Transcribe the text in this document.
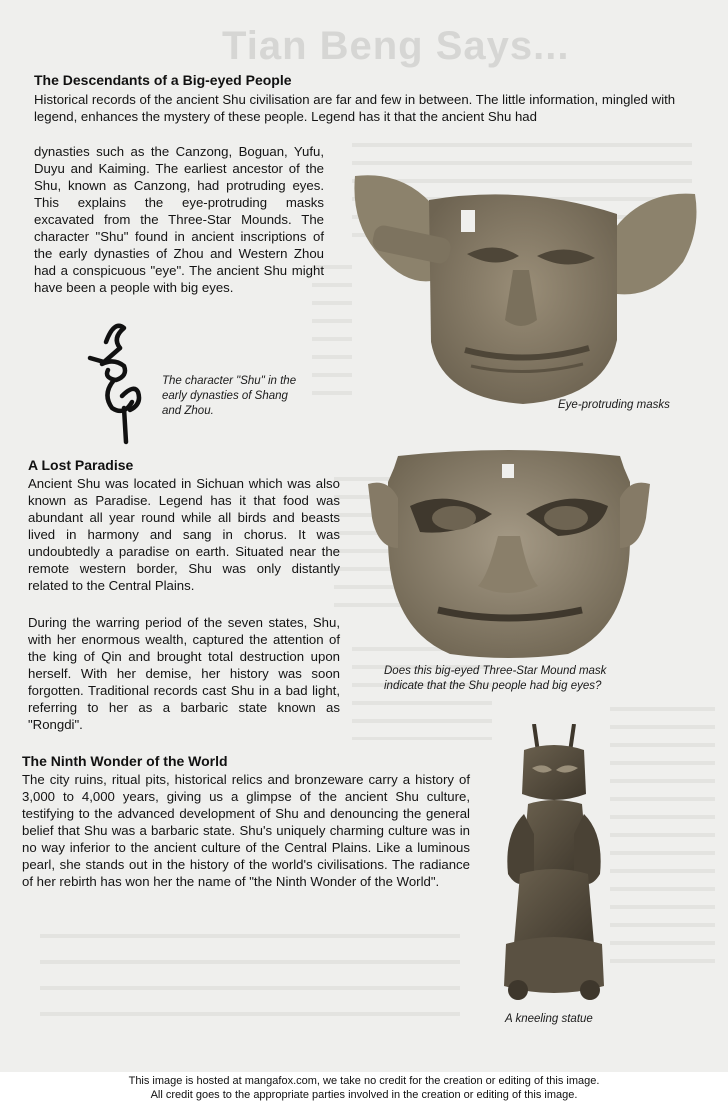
Tian Beng Says...
The Descendants of a Big-eyed People

Historical records of the ancient Shu civilisation are far and few in between. The little information, mingled with legend, enhances the mystery of these people. Legend has it that the ancient Shu had

dynasties such as the Canzong, Boguan, Yufu, Duyu and Kaiming. The earliest ancestor of the Shu, known as Canzong, had protruding eyes. This explains the eye-protruding masks excavated from the Three-Star Mounds. The character "Shu" found in ancient inscriptions of the early dynasties of Zhou and Western Zhou had a conspicuous "eye". The ancient Shu might have been a people with big eyes.

The character "Shu" in the early dynasties of Shang and Zhou.	Eye-protruding masks

A Lost Paradise

Ancient Shu was located in Sichuan which was also known as Paradise. Legend has it that food was abundant all year round while all birds and beasts lived in harmony and sang in chorus. It was undoubtedly a paradise on earth. Situated near the remote western border, Shu was only distantly related to the Central Plains.

During the warring period of the seven states, Shu, with her enormous wealth, captured the attention of the king of Qin and brought total destruction upon herself. With her demise, her history was soon forgotten. Traditional records cast Shu in a bad light, referring to her as a barbaric state known as "Rongdi".

Does this big-eyed Three-Star Mound mask indicate that the Shu people had big eyes?

The Ninth Wonder of the World

The city ruins, ritual pits, historical relics and bronzeware carry a history of 3,000 to 4,000 years, giving us a glimpse of the ancient Shu culture, testifying to the advanced development of Shu and denouncing the general belief that Shu was a barbaric state. Shu's uniquely charming culture was in no way inferior to the ancient culture of the Central Plains. Like a luminous pearl, she stands out in the history of the world's civilisations. The radiance of her rebirth has won her the name of "the Ninth Wonder of the World".

A kneeling statue

This image is hosted at mangafox.com, we take no credit for the creation or editing of this image.
All credit goes to the appropriate parties involved in the creation or editing of this image.
